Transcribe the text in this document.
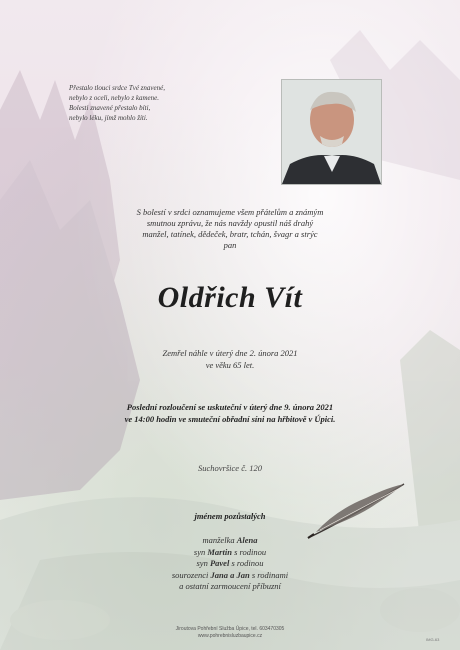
Přestalo tlouci srdce Tvé znavené,
nebylo z oceli, nebylo z kamene.
Bolesti znavené přestalo bíti,
nebylo léku, jímž mohlo žíti.
S bolestí v srdci oznamujeme všem přátelům a známým
smutnou zprávu, že nás navždy opustil náš drahý
manžel, tatínek, dědeček, bratr, tchán, švagr a strýc
pan
Oldřich Vít
Zemřel náhle v úterý dne 2. února 2021
ve věku 65 let.
Poslední rozloučení se uskuteční v úterý dne 9. února 2021
ve 14:00 hodin ve smuteční obřadní síni na hřbitově v Úpici.
Suchovršice č. 120
jménem pozůstalých
manželka Alena
syn Martin s rodinou
syn Pavel s rodinou
sourozenci Jana a Jan s rodinami
a ostatní zarmoucení příbuzní
Jiroutova Pohřební Služba Úpice, tel. 603470305
www.pohrebnisluzbaupice.cz
IMG-63
